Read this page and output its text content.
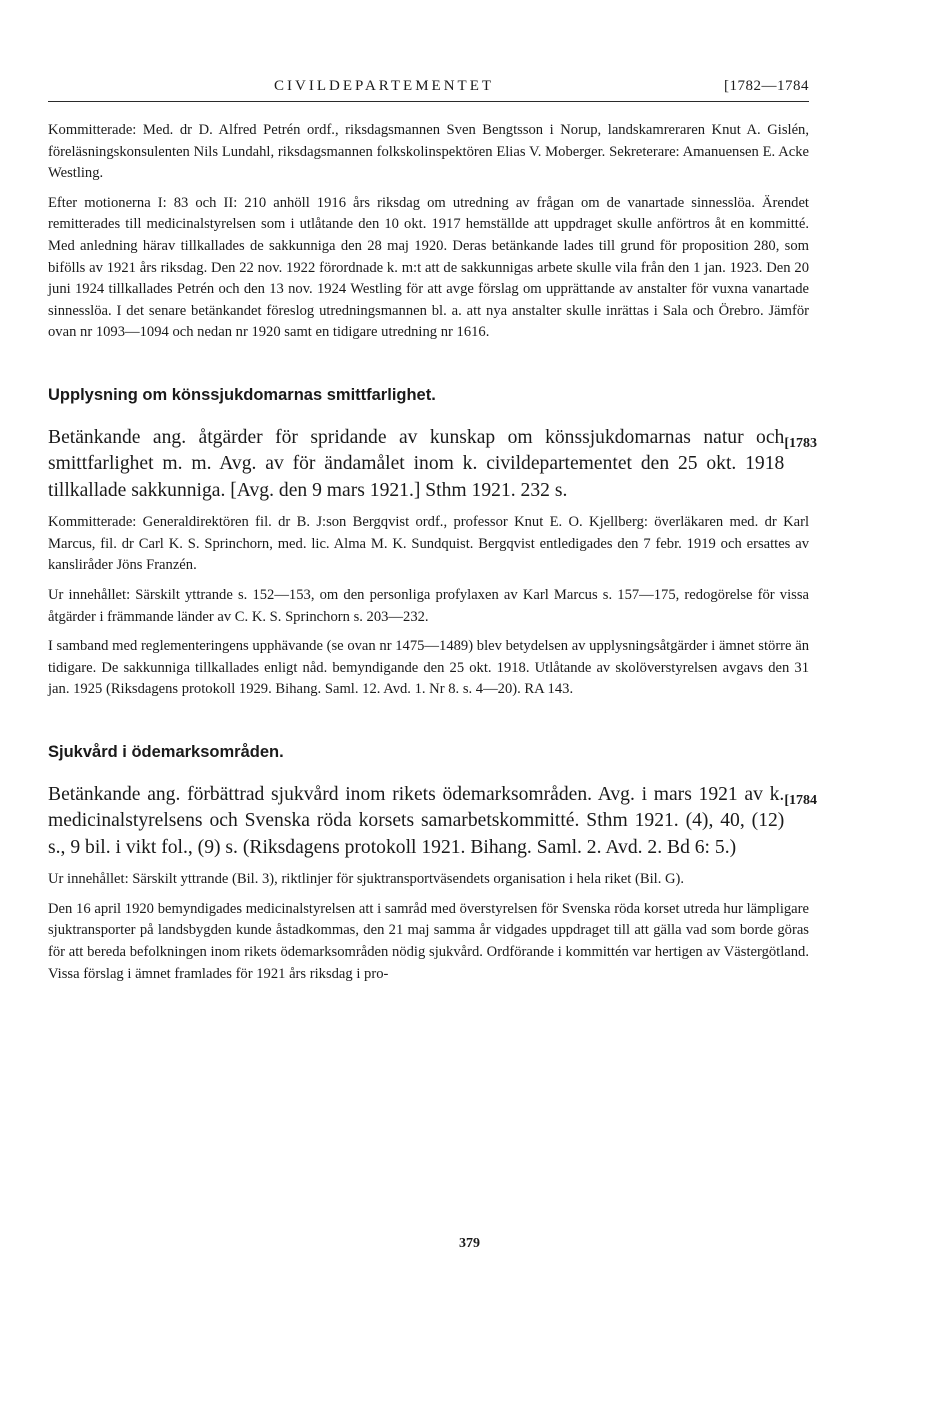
CIVILDEPARTEMENTET	[1782—1784

Kommitterade: Med. dr D. Alfred Petrén ordf., riksdagsmannen Sven Bengtsson i Norup, landskamreraren Knut A. Gislén, föreläsningskonsulenten Nils Lundahl, riksdagsmannen folkskolinspektören Elias V. Moberger. Sekreterare: Amanuensen E. Acke Westling.

Efter motionerna I: 83 och II: 210 anhöll 1916 års riksdag om utredning av frågan om de vanartade sinnesslöa. Ärendet remitterades till medicinalstyrelsen som i utlåtande den 10 okt. 1917 hemställde att uppdraget skulle anförtros åt en kommitté. Med anledning härav tillkallades de sakkunniga den 28 maj 1920. Deras betänkande lades till grund för proposition 280, som bifölls av 1921 års riksdag. Den 22 nov. 1922 förordnade k. m:t att de sakkunnigas arbete skulle vila från den 1 jan. 1923. Den 20 juni 1924 tillkallades Petrén och den 13 nov. 1924 Westling för att avge förslag om upprättande av anstalter för vuxna vanartade sinnesslöa. I det senare betänkandet föreslog utredningsmannen bl. a. att nya anstalter skulle inrättas i Sala och Örebro. Jämför ovan nr 1093—1094 och nedan nr 1920 samt en tidigare utredning nr 1616.

Upplysning om könssjukdomarnas smittfarlighet.

[1783
Betänkande ang. åtgärder för spridande av kunskap om könssjukdomarnas natur och smittfarlighet m. m. Avg. av för ändamålet inom k. civildepartementet den 25 okt. 1918 tillkallade sakkunniga. [Avg. den 9 mars 1921.] Sthm 1921. 232 s.

Kommitterade: Generaldirektören fil. dr B. J:son Bergqvist ordf., professor Knut E. O. Kjellberg: överläkaren med. dr Karl Marcus, fil. dr Carl K. S. Sprinchorn, med. lic. Alma M. K. Sundquist. Bergqvist entledigades den 7 febr. 1919 och ersattes av kansliråder Jöns Franzén.

Ur innehållet: Särskilt yttrande s. 152—153, om den personliga profylaxen av Karl Marcus s. 157—175, redogörelse för vissa åtgärder i främmande länder av C. K. S. Sprinchorn s. 203—232.

I samband med reglementeringens upphävande (se ovan nr 1475—1489) blev betydelsen av upplysningsåtgärder i ämnet större än tidigare. De sakkunniga tillkallades enligt nåd. bemyndigande den 25 okt. 1918. Utlåtande av skolöverstyrelsen avgavs den 31 jan. 1925 (Riksdagens protokoll 1929. Bihang. Saml. 12. Avd. 1. Nr 8. s. 4—20). RA 143.

Sjukvård i ödemarksområden.

[1784
Betänkande ang. förbättrad sjukvård inom rikets ödemarksområden. Avg. i mars 1921 av k. medicinalstyrelsens och Svenska röda korsets samarbetskommitté. Sthm 1921. (4), 40, (12) s., 9 bil. i vikt fol., (9) s. (Riksdagens protokoll 1921. Bihang. Saml. 2. Avd. 2. Bd 6: 5.)

Ur innehållet: Särskilt yttrande (Bil. 3), riktlinjer för sjuktransportväsendets organisation i hela riket (Bil. G).

Den 16 april 1920 bemyndigades medicinalstyrelsen att i samråd med överstyrelsen för Svenska röda korset utreda hur lämpligare sjuktransporter på landsbygden kunde åstadkommas, den 21 maj samma år vidgades uppdraget till att gälla vad som borde göras för att bereda befolkningen inom rikets ödemarksområden nödig sjukvård. Ordförande i kommittén var hertigen av Västergötland. Vissa förslag i ämnet framlades för 1921 års riksdag i pro-

379
